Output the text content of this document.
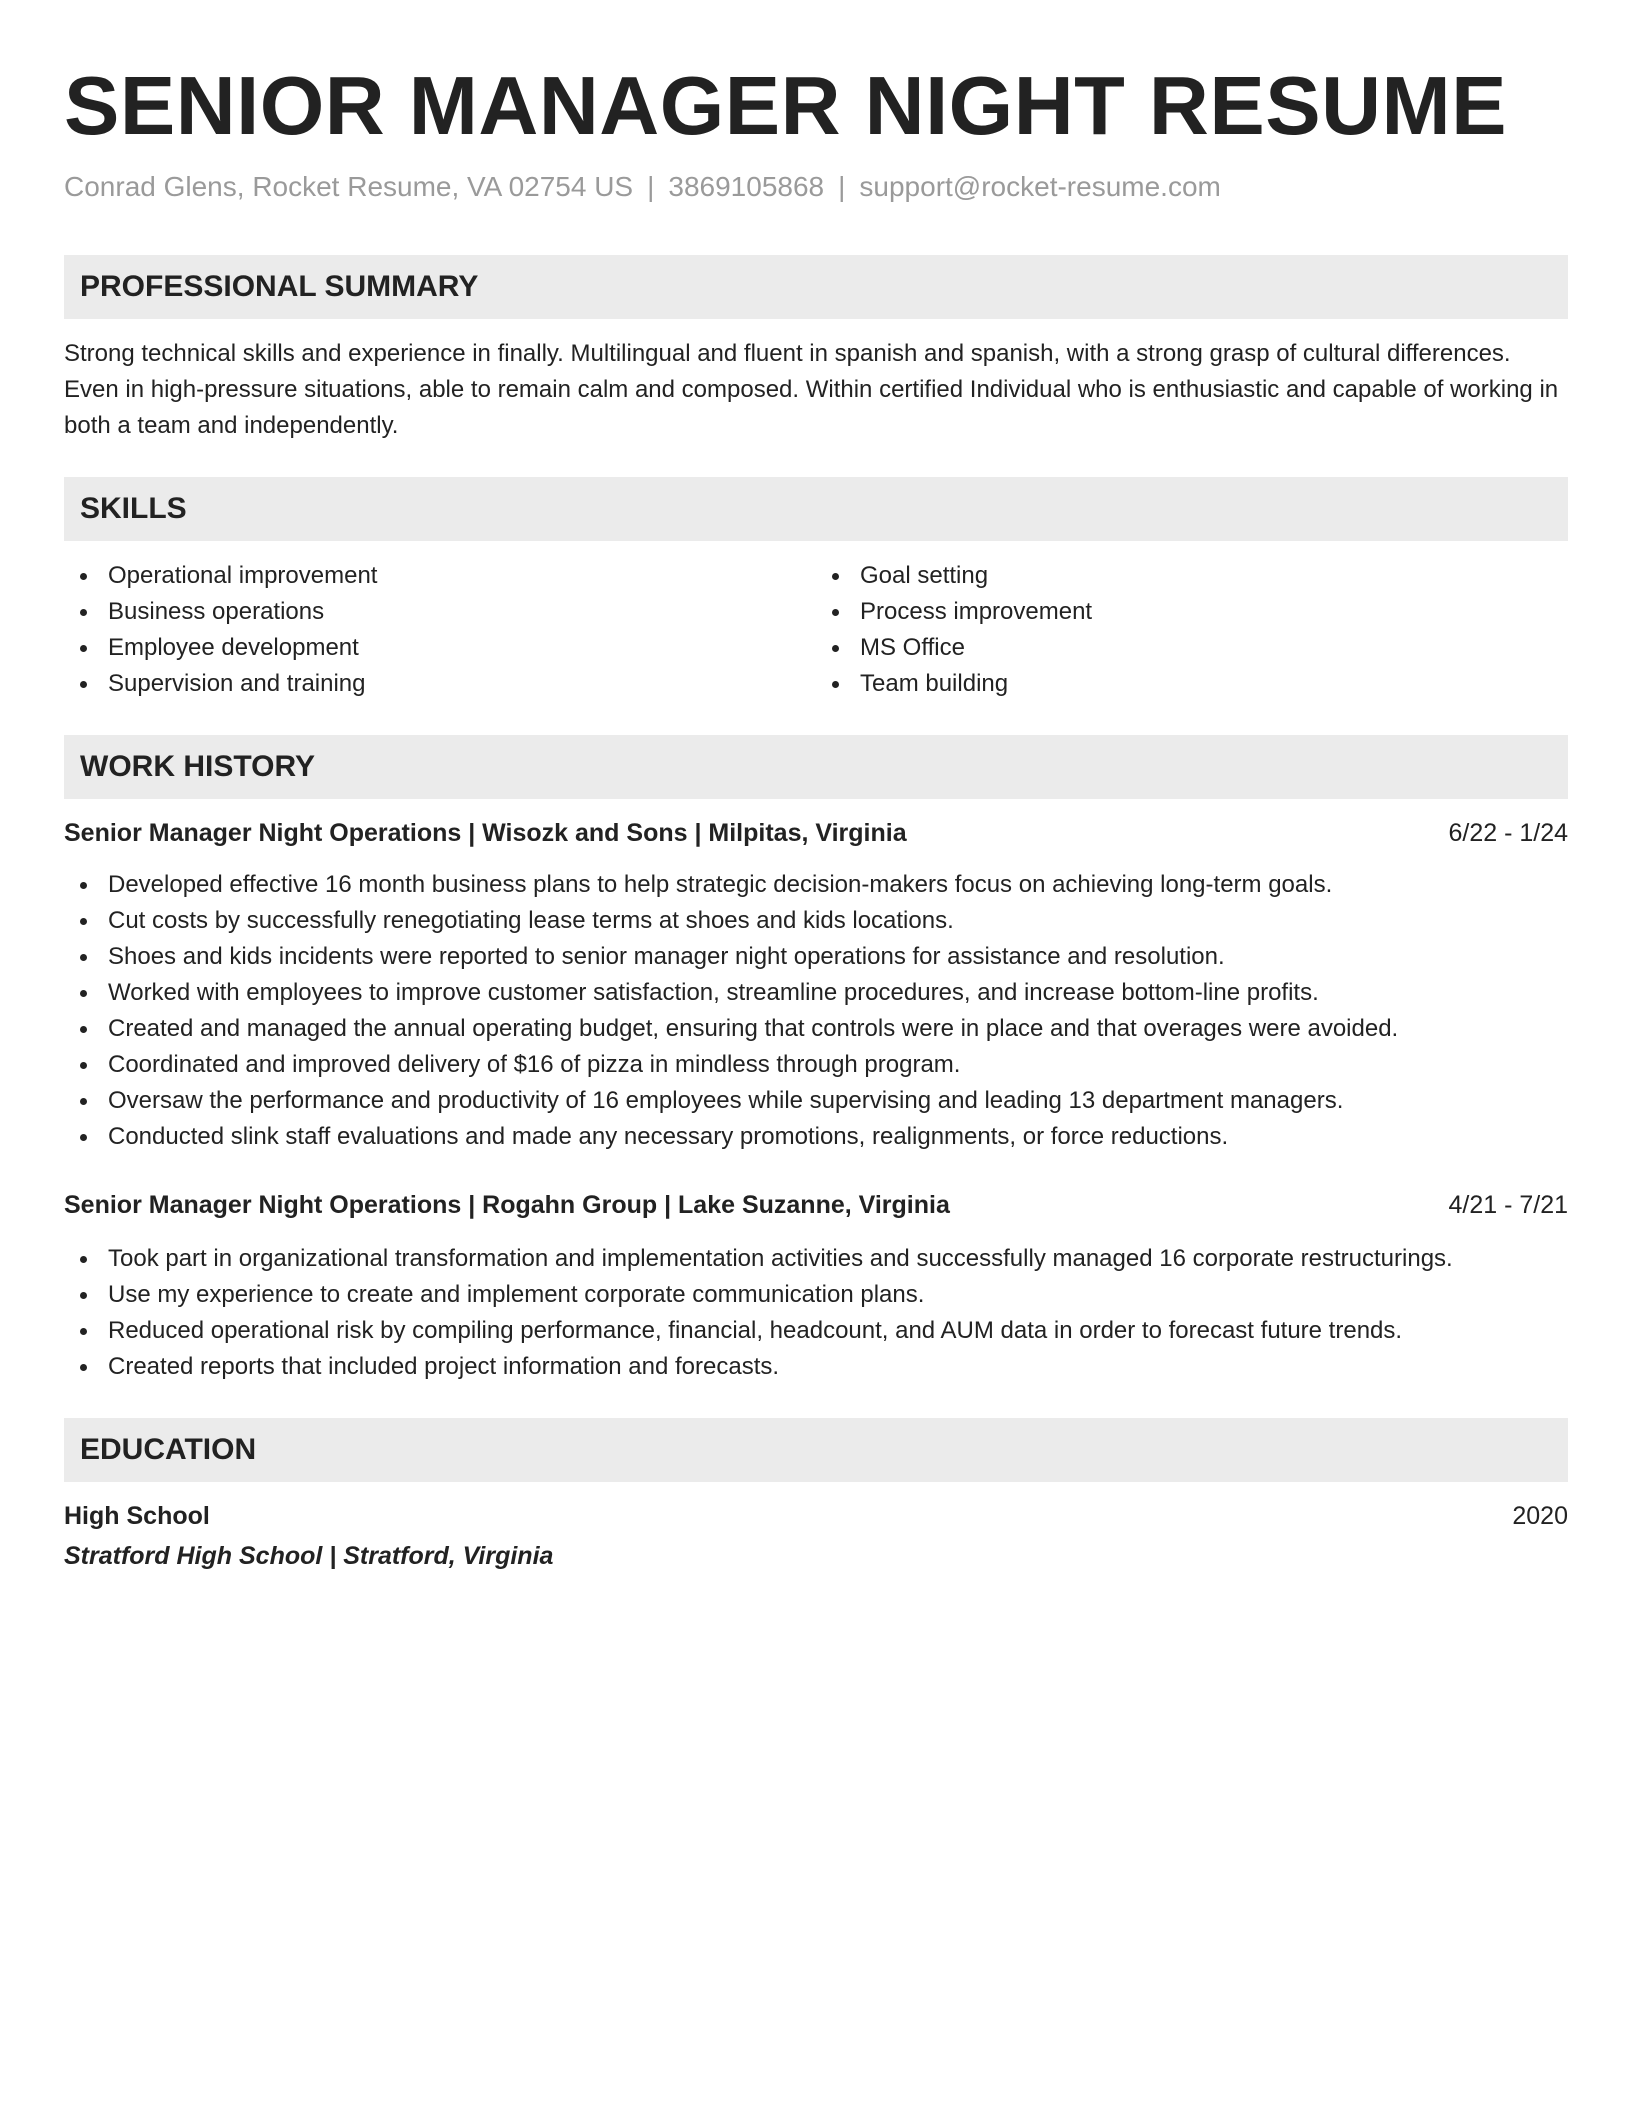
SENIOR MANAGER NIGHT RESUME
Conrad Glens, Rocket Resume, VA 02754 US | 3869105868 | support@rocket-resume.com
PROFESSIONAL SUMMARY

Strong technical skills and experience in finally. Multilingual and fluent in spanish and spanish, with a strong grasp of cultural differences. Even in high-pressure situations, able to remain calm and composed. Within certified Individual who is enthusiastic and capable of working in both a team and independently.

SKILLS
Operational improvement
Business operations
Employee development
Supervision and training
Goal setting
Process improvement
MS Office
Team building
WORK HISTORY
Senior Manager Night Operations | Wisozk and Sons | Milpitas, Virginia	6/22 - 1/24
Developed effective 16 month business plans to help strategic decision-makers focus on achieving long-term goals.
Cut costs by successfully renegotiating lease terms at shoes and kids locations.
Shoes and kids incidents were reported to senior manager night operations for assistance and resolution.
Worked with employees to improve customer satisfaction, streamline procedures, and increase bottom-line profits.
Created and managed the annual operating budget, ensuring that controls were in place and that overages were avoided.
Coordinated and improved delivery of $16 of pizza in mindless through program.
Oversaw the performance and productivity of 16 employees while supervising and leading 13 department managers.
Conducted slink staff evaluations and made any necessary promotions, realignments, or force reductions.
Senior Manager Night Operations | Rogahn Group | Lake Suzanne, Virginia	4/21 - 7/21
Took part in organizational transformation and implementation activities and successfully managed 16 corporate restructurings.
Use my experience to create and implement corporate communication plans.
Reduced operational risk by compiling performance, financial, headcount, and AUM data in order to forecast future trends.
Created reports that included project information and forecasts.
EDUCATION
High School	2020
Stratford High School | Stratford, Virginia
